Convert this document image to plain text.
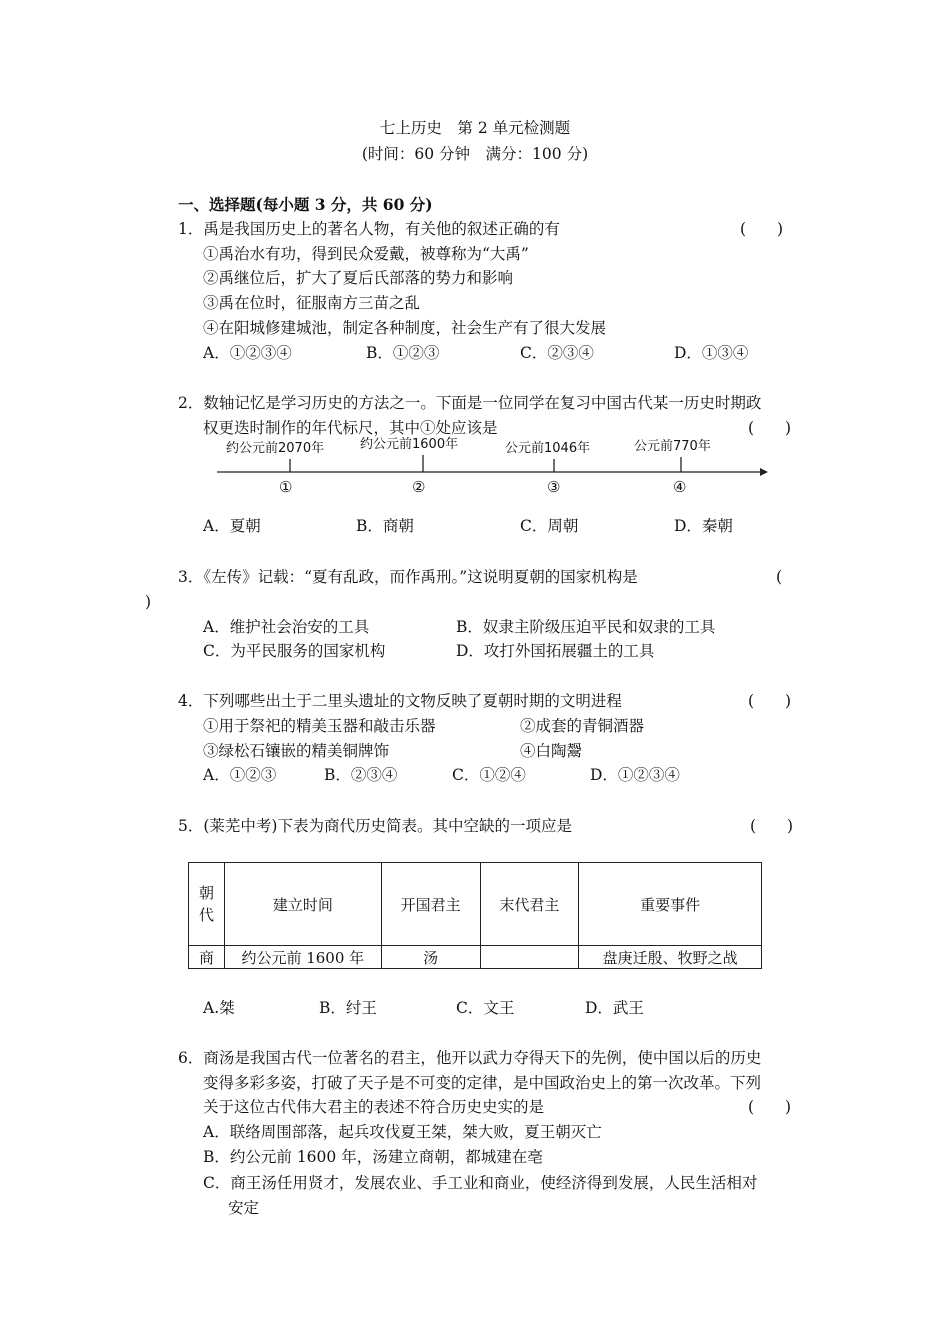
七上历史　第 2 单元检测题
(时间：60 分钟　满分：100 分)
一、选择题(每小题 3 分，共 60 分)
1．禹是我国历史上的著名人物，有关他的叙述正确的有	(　　)
①禹治水有功，得到民众爱戴，被尊称为“大禹”
②禹继位后，扩大了夏后氏部落的势力和影响
③禹在位时，征服南方三苗之乱
④在阳城修建城池，制定各种制度，社会生产有了很大发展
A．①②③④	B．①②③	C．②③④	D．①③④
2．数轴记忆是学习历史的方法之一。下面是一位同学在复习中国古代某一历史时期政
权更迭时制作的年代标尺，其中①处应该是	(　　)
约公元前2070年	约公元前1600年	公元前1046年	公元前770年
①	②	③	④
A．夏朝	B．商朝	C．周朝	D．秦朝
3．《左传》记载：“夏有乱政，而作禹刑。”这说明夏朝的国家机构是	(
)
A．维护社会治安的工具	B．奴隶主阶级压迫平民和奴隶的工具
C．为平民服务的国家机构	D．攻打外国拓展疆土的工具
4．下列哪些出土于二里头遗址的文物反映了夏朝时期的文明进程	(　　)
①用于祭祀的精美玉器和敲击乐器	②成套的青铜酒器
③绿松石镶嵌的精美铜牌饰	④白陶鬶
A．①②③	B．②③④	C．①②④	D．①②③④
5．(莱芜中考)下表为商代历史简表。其中空缺的一项应是	(　　)
朝代	建立时间	开国君主	末代君主	重要事件
商	约公元前 1600 年	汤		盘庚迁殷、牧野之战
A.桀	B．纣王	C．文王	D．武王
6．商汤是我国古代一位著名的君主，他开以武力夺得天下的先例，使中国以后的历史
变得多彩多姿，打破了天子是不可变的定律，是中国政治史上的第一次改革。下列
关于这位古代伟大君主的表述不符合历史史实的是	(　　)
A．联络周围部落，起兵攻伐夏王桀，桀大败，夏王朝灭亡
B．约公元前 1600 年，汤建立商朝，都城建在亳
C．商王汤任用贤才，发展农业、手工业和商业，使经济得到发展，人民生活相对
安定
